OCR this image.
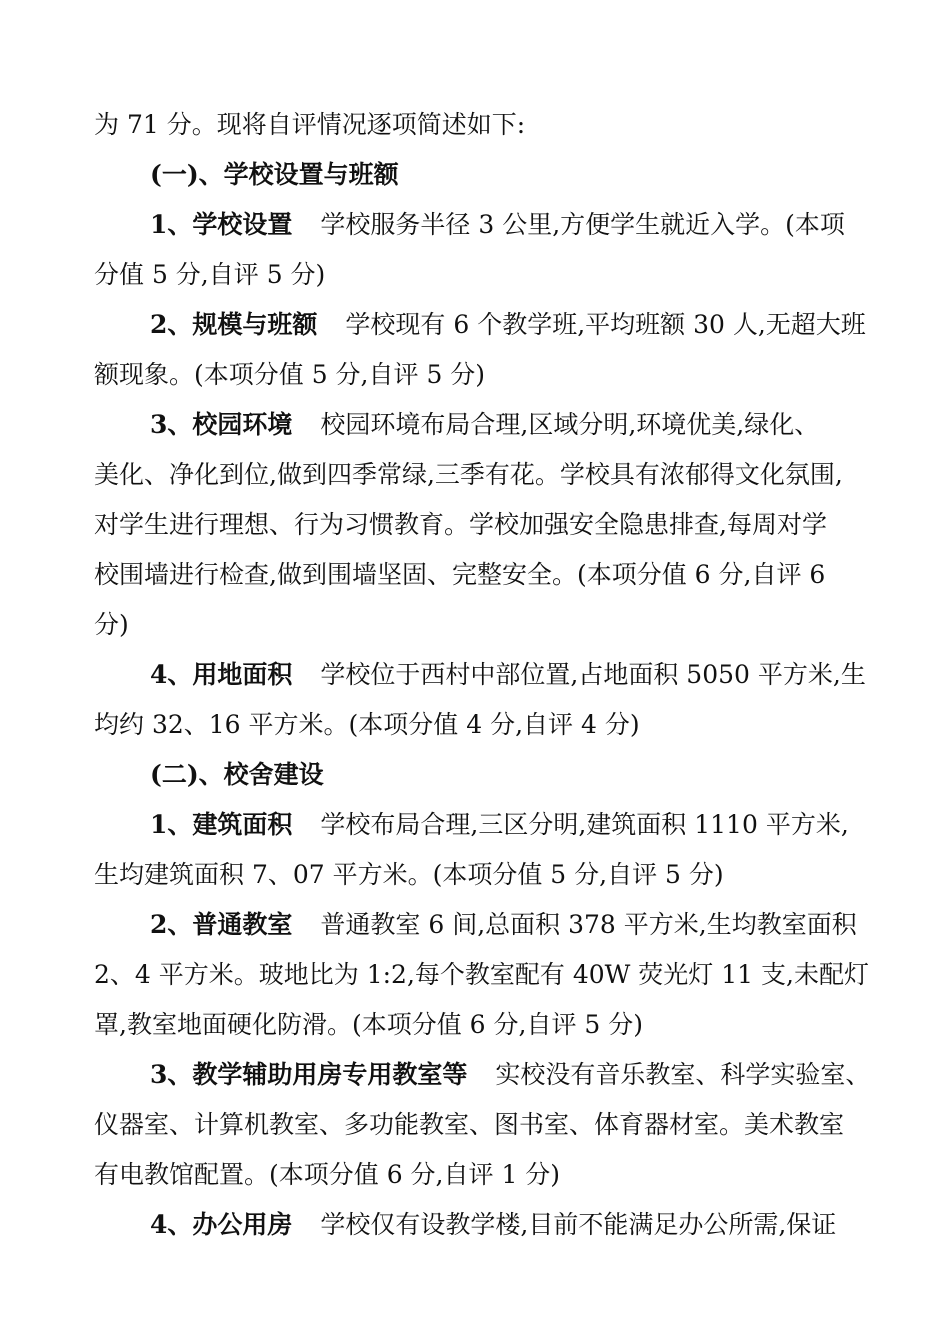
为 71 分。现将自评情况逐项简述如下:
(一)、学校设置与班额
1、学校设置 学校服务半径 3 公里,方便学生就近入学。(本项
分值 5 分,自评 5 分)
2、规模与班额 学校现有 6 个教学班,平均班额 30 人,无超大班
额现象。(本项分值 5 分,自评 5 分)
3、校园环境 校园环境布局合理,区域分明,环境优美,绿化、
美化、净化到位,做到四季常绿,三季有花。学校具有浓郁得文化氛围,
对学生进行理想、行为习惯教育。学校加强安全隐患排查,每周对学
校围墙进行检查,做到围墙坚固、完整安全。(本项分值 6 分,自评 6
分)
4、用地面积 学校位于西村中部位置,占地面积 5050 平方米,生
均约 32、16 平方米。(本项分值 4 分,自评 4 分)
(二)、校舍建设
1、建筑面积 学校布局合理,三区分明,建筑面积 1110 平方米,
生均建筑面积 7、07 平方米。(本项分值 5 分,自评 5 分)
2、普通教室 普通教室 6 间,总面积 378 平方米,生均教室面积
2、4 平方米。玻地比为 1:2,每个教室配有 40W 荧光灯 11 支,未配灯
罩,教室地面硬化防滑。(本项分值 6 分,自评 5 分)
3、教学辅助用房专用教室等 实校没有音乐教室、科学实验室、
仪器室、计算机教室、多功能教室、图书室、体育器材室。美术教室
有电教馆配置。(本项分值 6 分,自评 1 分)
4、办公用房 学校仅有设教学楼,目前不能满足办公所需,保证
